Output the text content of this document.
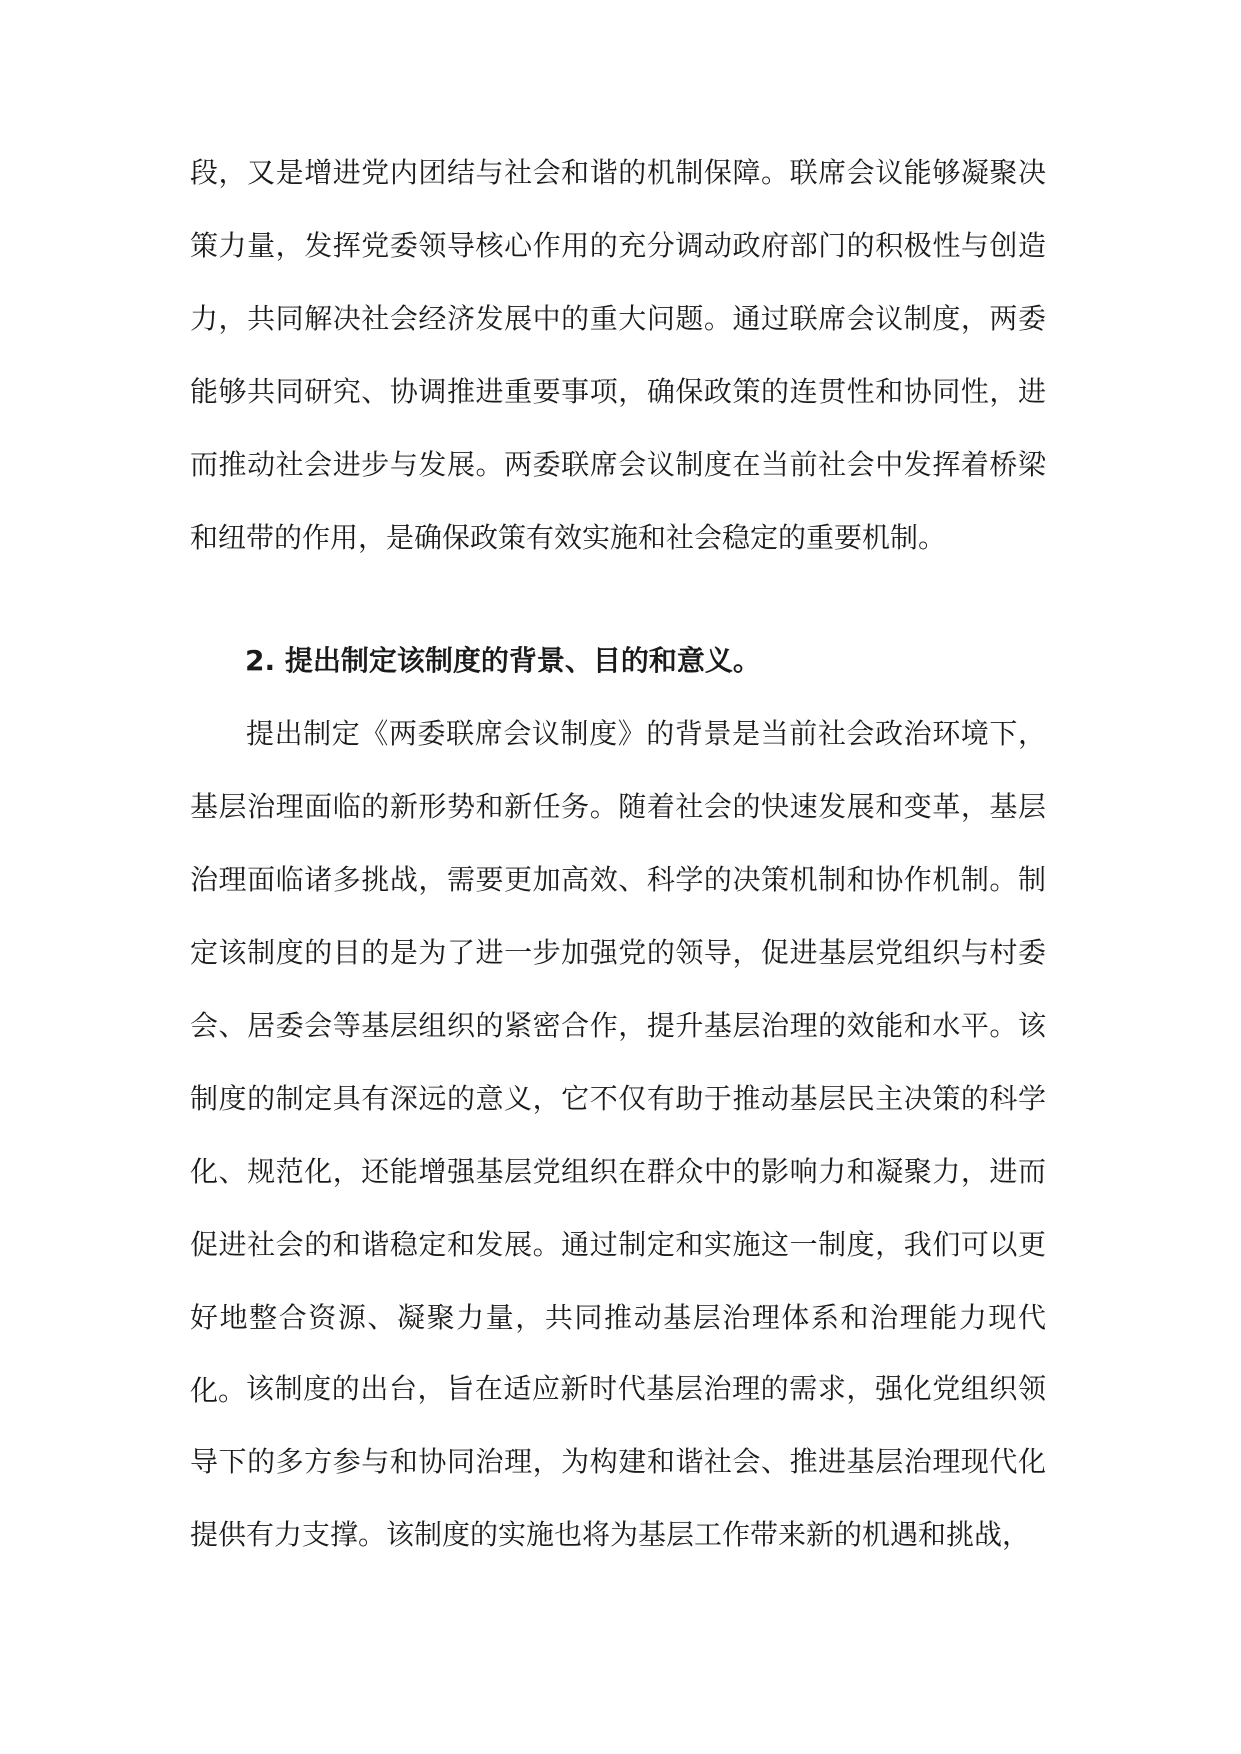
段，又是增进党内团结与社会和谐的机制保障。联席会议能够凝聚决策力量，发挥党委领导核心作用的充分调动政府部门的积极性与创造力，共同解决社会经济发展中的重大问题。通过联席会议制度，两委能够共同研究、协调推进重要事项，确保政策的连贯性和协同性，进而推动社会进步与发展。两委联席会议制度在当前社会中发挥着桥梁和纽带的作用，是确保政策有效实施和社会稳定的重要机制。

2. 提出制定该制度的背景、目的和意义。

提出制定《两委联席会议制度》的背景是当前社会政治环境下，基层治理面临的新形势和新任务。随着社会的快速发展和变革，基层治理面临诸多挑战，需要更加高效、科学的决策机制和协作机制。制定该制度的目的是为了进一步加强党的领导，促进基层党组织与村委会、居委会等基层组织的紧密合作，提升基层治理的效能和水平。该制度的制定具有深远的意义，它不仅有助于推动基层民主决策的科学化、规范化，还能增强基层党组织在群众中的影响力和凝聚力，进而促进社会的和谐稳定和发展。通过制定和实施这一制度，我们可以更好地整合资源、凝聚力量，共同推动基层治理体系和治理能力现代化。 该制度的出台，旨在适应新时代基层治理的需求，强化党组织领导下的多方参与和协同治理，为构建和谐社会、推进基层治理现代化提供有力支撑。该制度的实施也将为基层工作带来新的机遇和挑战，
